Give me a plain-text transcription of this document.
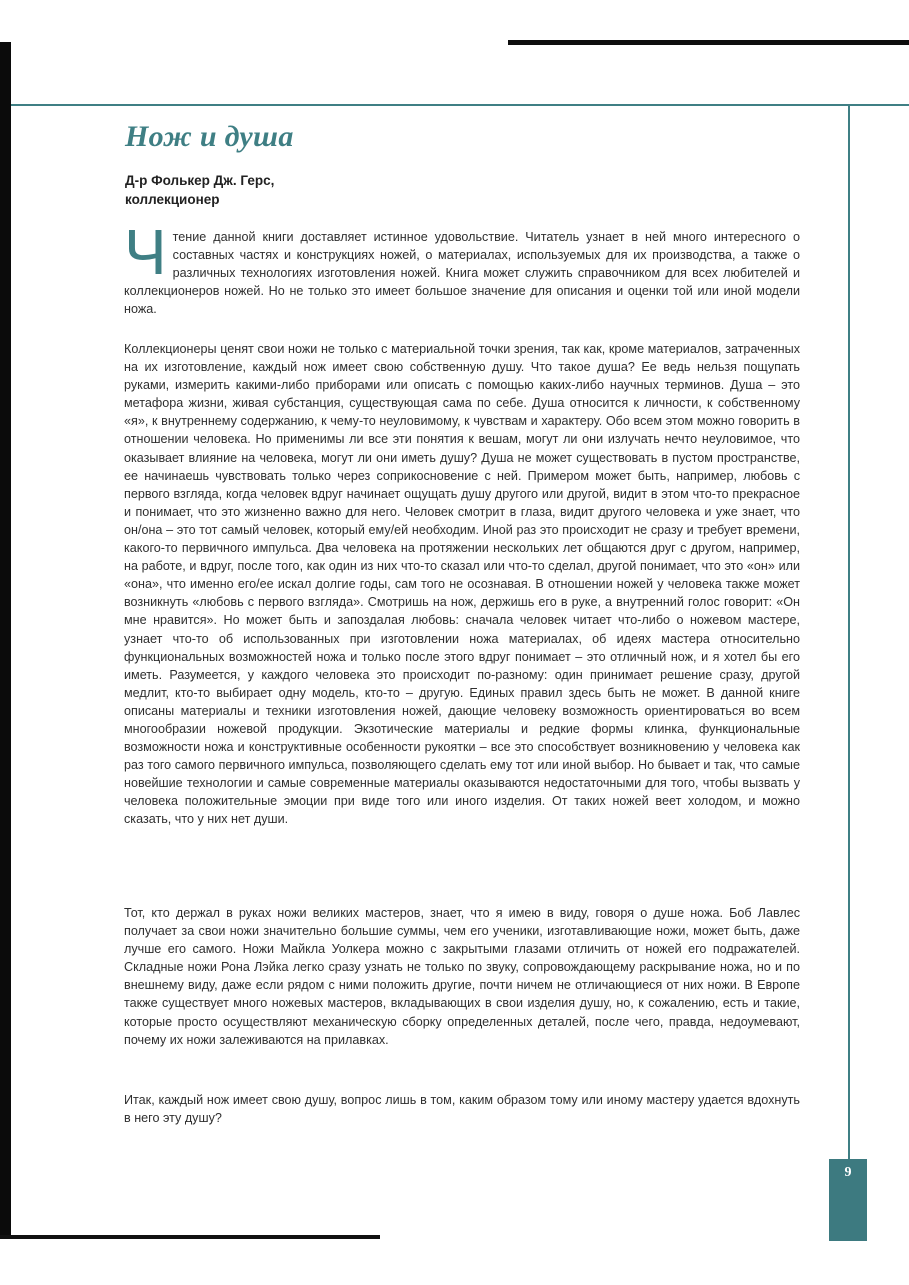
Нож и душа
Д-р Фолькер Дж. Герс,
коллекционер

Чтение данной книги доставляет истинное удовольствие. Читатель узнает в ней много интересного о составных частях и конструкциях ножей, о материалах, используемых для их производства, а также о различных технологиях изготовления ножей. Книга может служить справочником для всех любителей и коллекционеров ножей. Но не только это имеет большое значение для описания и оценки той или иной модели ножа.

Коллекционеры ценят свои ножи не только с материальной точки зрения, так как, кроме материалов, затраченных на их изготовление, каждый нож имеет свою собственную душу. Что такое душа? Ее ведь нельзя пощупать руками, измерить какими-либо приборами или описать с помощью каких-либо научных терминов. Душа – это метафора жизни, живая субстанция, существующая сама по себе. Душа относится к личности, к собственному «я», к внутреннему содержанию, к чему-то неуловимому, к чувствам и характеру. Обо всем этом можно говорить в отношении человека. Но применимы ли все эти понятия к вешам, могут ли они излучать нечто неуловимое, что оказывает влияние на человека, могут ли они иметь душу? Душа не может существовать в пустом пространстве, ее начинаешь чувствовать только через соприкосновение с ней. Примером может быть, например, любовь с первого взгляда, когда человек вдруг начинает ощущать душу другого или другой, видит в этом что-то прекрасное и понимает, что это жизненно важно для него. Человек смотрит в глаза, видит другого человека и уже знает, что он/она – это тот самый человек, который ему/ей необходим. Иной раз это происходит не сразу и требует времени, какого-то первичного импульса. Два человека на протяжении нескольких лет общаются друг с другом, например, на работе, и вдруг, после того, как один из них что-то сказал или что-то сделал, другой понимает, что это «он» или «она», что именно его/ее искал долгие годы, сам того не осознавая. В отношении ножей у человека также может возникнуть «любовь с первого взгляда». Смотришь на нож, держишь его в руке, а внутренний голос говорит: «Он мне нравится». Но может быть и запоздалая любовь: сначала человек читает что-либо о ножевом мастере, узнает что-то об использованных при изготовлении ножа материалах, об идеях мастера относительно функциональных возможностей ножа и только после этого вдруг понимает – это отличный нож, и я хотел бы его иметь. Разумеется, у каждого человека это происходит по-разному: один принимает решение сразу, другой медлит, кто-то выбирает одну модель, кто-то – другую. Единых правил здесь быть не может. В данной книге описаны материалы и техники изготовления ножей, дающие человеку возможность ориентироваться во всем многообразии ножевой продукции. Экзотические материалы и редкие формы клинка, функциональные возможности ножа и конструктивные особенности рукоятки – все это способствует возникновению у человека как раз того самого первичного импульса, позволяющего сделать ему тот или иной выбор. Но бывает и так, что самые новейшие технологии и самые современные материалы оказываются недостаточными для того, чтобы вызвать у человека положительные эмоции при виде того или иного изделия. От таких ножей веет холодом, и можно сказать, что у них нет души.

Тот, кто держал в руках ножи великих мастеров, знает, что я имею в виду, говоря о душе ножа. Боб Лавлес получает за свои ножи значительно большие суммы, чем его ученики, изготавливающие ножи, может быть, даже лучше его самого. Ножи Майкла Уолкера можно с закрытыми глазами отличить от ножей его подражателей. Складные ножи Рона Лэйка легко сразу узнать не только по звуку, сопровождающему раскрывание ножа, но и по внешнему виду, даже если рядом с ними положить другие, почти ничем не отличающиеся от них ножи. В Европе также существует много ножевых мастеров, вкладывающих в свои изделия душу, но, к сожалению, есть и такие, которые просто осуществляют механическую сборку определенных деталей, после чего, правда, недоумевают, почему их ножи залеживаются на прилавках.

Итак, каждый нож имеет свою душу, вопрос лишь в том, каким образом тому или иному мастеру удается вдохнуть в него эту душу?

9
